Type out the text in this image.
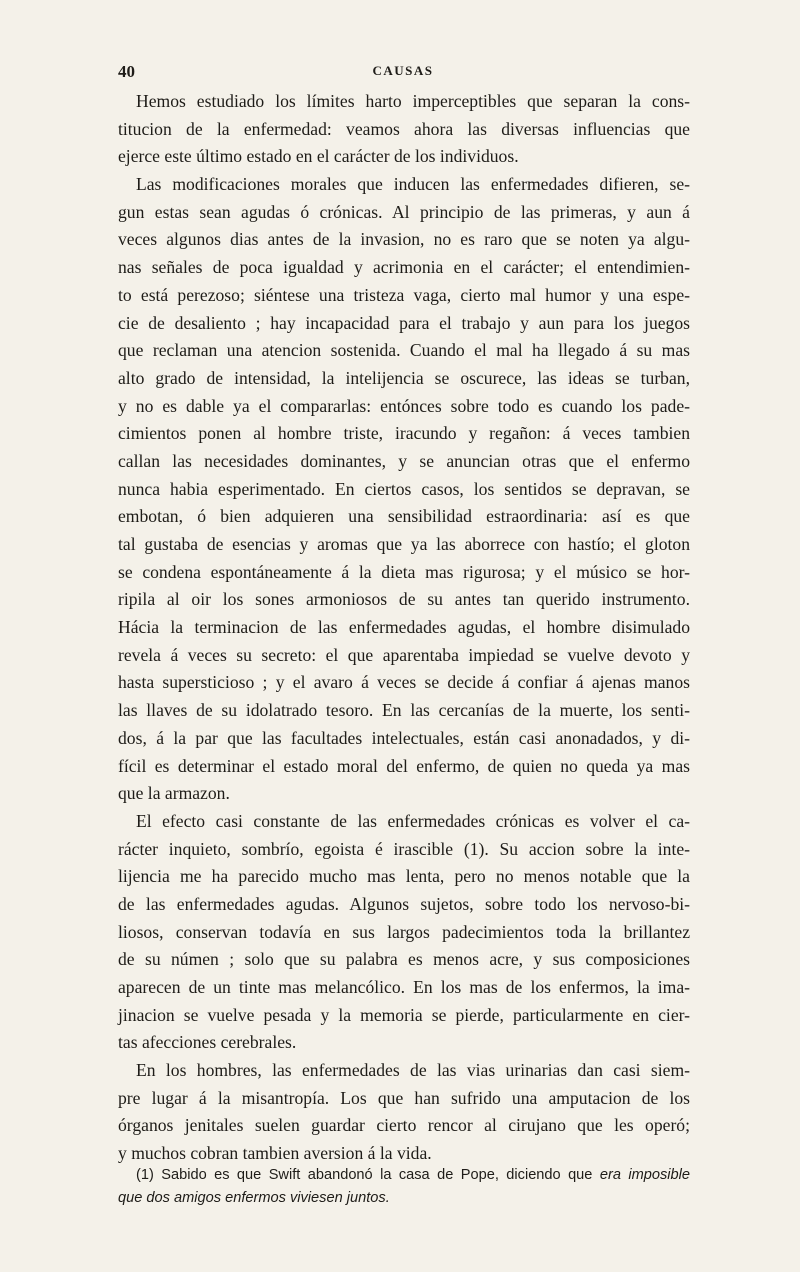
40	CAUSAS
Hemos estudiado los límites harto imperceptibles que separan la cons-
titucion de la enfermedad: veamos ahora las diversas influencias que
ejerce este último estado en el carácter de los individuos.
Las modificaciones morales que inducen las enfermedades difieren, se-
gun estas sean agudas ó crónicas. Al principio de las primeras, y aun á
veces algunos dias antes de la invasion, no es raro que se noten ya algu-
nas señales de poca igualdad y acrimonia en el carácter; el entendimien-
to está perezoso; siéntese una tristeza vaga, cierto mal humor y una espe-
cie de desaliento ; hay incapacidad para el trabajo y aun para los juegos
que reclaman una atencion sostenida. Cuando el mal ha llegado á su mas
alto grado de intensidad, la intelijencia se oscurece, las ideas se turban,
y no es dable ya el compararlas: entónces sobre todo es cuando los pade-
cimientos ponen al hombre triste, iracundo y regañon: á veces tambien
callan las necesidades dominantes, y se anuncian otras que el enfermo
nunca habia esperimentado. En ciertos casos, los sentidos se depravan, se
embotan, ó bien adquieren una sensibilidad estraordinaria: así es que
tal gustaba de esencias y aromas que ya las aborrece con hastío; el gloton
se condena espontáneamente á la dieta mas rigurosa; y el músico se hor-
ripila al oir los sones armoniosos de su antes tan querido instrumento.
Hácia la terminacion de las enfermedades agudas, el hombre disimulado
revela á veces su secreto: el que aparentaba impiedad se vuelve devoto y
hasta supersticioso ; y el avaro á veces se decide á confiar á ajenas manos
las llaves de su idolatrado tesoro. En las cercanías de la muerte, los senti-
dos, á la par que las facultades intelectuales, están casi anonadados, y di-
fícil es determinar el estado moral del enfermo, de quien no queda ya mas
que la armazon.
El efecto casi constante de las enfermedades crónicas es volver el ca-
rácter inquieto, sombrío, egoista é irascible (1). Su accion sobre la inte-
lijencia me ha parecido mucho mas lenta, pero no menos notable que la
de las enfermedades agudas. Algunos sujetos, sobre todo los nervoso-bi-
liosos, conservan todavía en sus largos padecimientos toda la brillantez
de su númen ; solo que su palabra es menos acre, y sus composiciones
aparecen de un tinte mas melancólico. En los mas de los enfermos, la ima-
jinacion se vuelve pesada y la memoria se pierde, particularmente en cier-
tas afecciones cerebrales.
En los hombres, las enfermedades de las vias urinarias dan casi siem-
pre lugar á la misantropía. Los que han sufrido una amputacion de los
órganos jenitales suelen guardar cierto rencor al cirujano que les operó;
y muchos cobran tambien aversion á la vida.
(1) Sabido es que Swift abandonó la casa de Pope, diciendo que era imposible
que dos amigos enfermos viviesen juntos.
